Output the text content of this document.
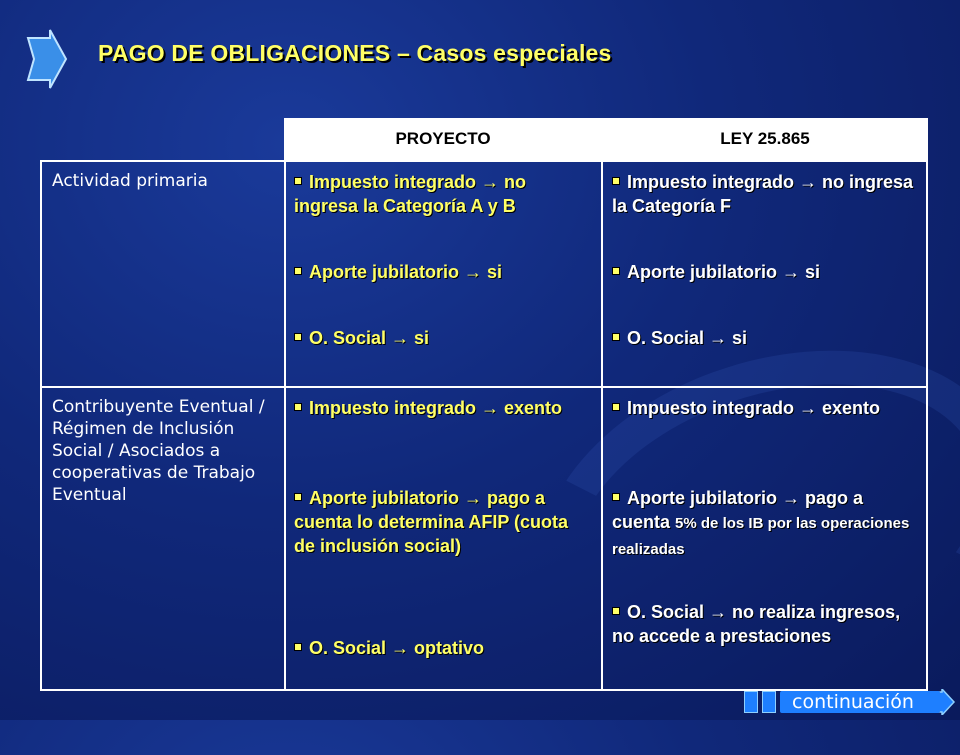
PAGO DE OBLIGACIONES – Casos especiales
PROYECTO	LEY 25.865
Actividad primaria	Impuesto integrado → no ingresa la Categoría A y B
Aporte jubilatorio → si
O. Social → si
Impuesto integrado → no ingresa la Categoría F
Aporte jubilatorio → si
O. Social → si
Contribuyente Eventual / Régimen de Inclusión Social / Asociados a cooperativas de Trabajo Eventual
Impuesto integrado → exento
Aporte jubilatorio → pago a cuenta lo determina AFIP (cuota de inclusión social)
O. Social → optativo
Impuesto integrado → exento
Aporte jubilatorio → pago a cuenta 5% de los IB por las operaciones realizadas
O. Social → no realiza ingresos, no accede a prestaciones
continuación
